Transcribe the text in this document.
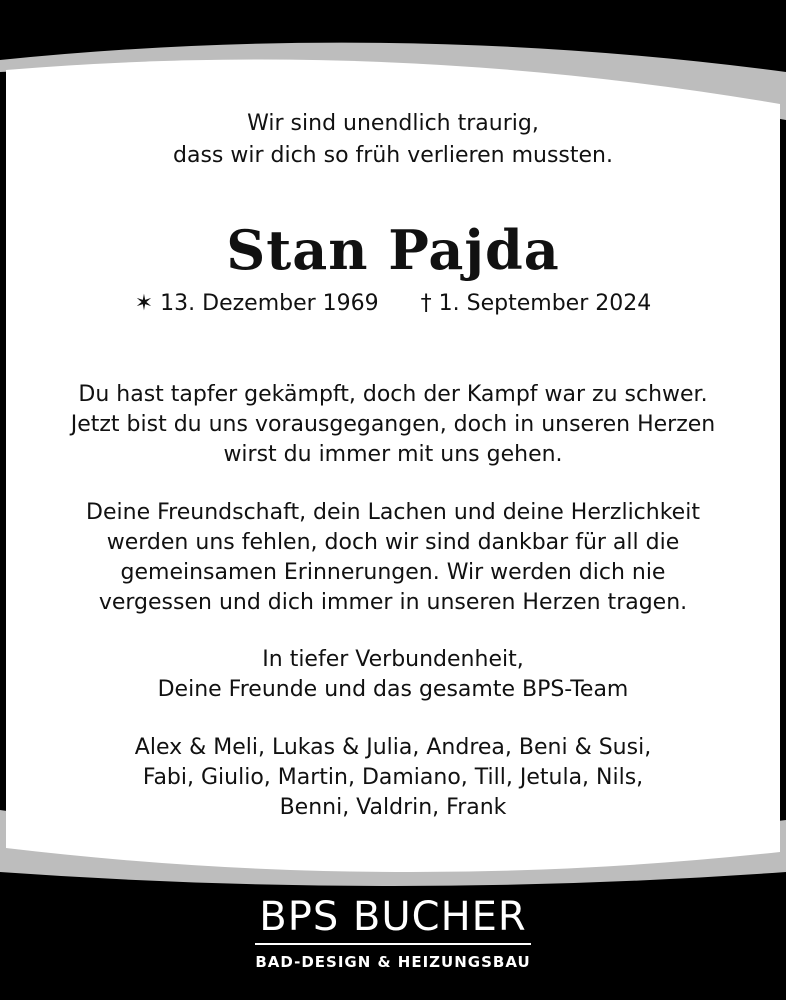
Wir sind unendlich traurig,
dass wir dich so früh verlieren mussten.
Stan Pajda
✶ 13. Dezember 1969 † 1. September 2024
Du hast tapfer gekämpft, doch der Kampf war zu schwer.
Jetzt bist du uns vorausgegangen, doch in unseren Herzen
wirst du immer mit uns gehen.
Deine Freundschaft, dein Lachen und deine Herzlichkeit
werden uns fehlen, doch wir sind dankbar für all die
gemeinsamen Erinnerungen. Wir werden dich nie
vergessen und dich immer in unseren Herzen tragen.
In tiefer Verbundenheit,
Deine Freunde und das gesamte BPS-Team
Alex & Meli, Lukas & Julia, Andrea, Beni & Susi,
Fabi, Giulio, Martin, Damiano, Till, Jetula, Nils,
Benni, Valdrin, Frank
BPS BUCHER
BAD-DESIGN & HEIZUNGSBAU
